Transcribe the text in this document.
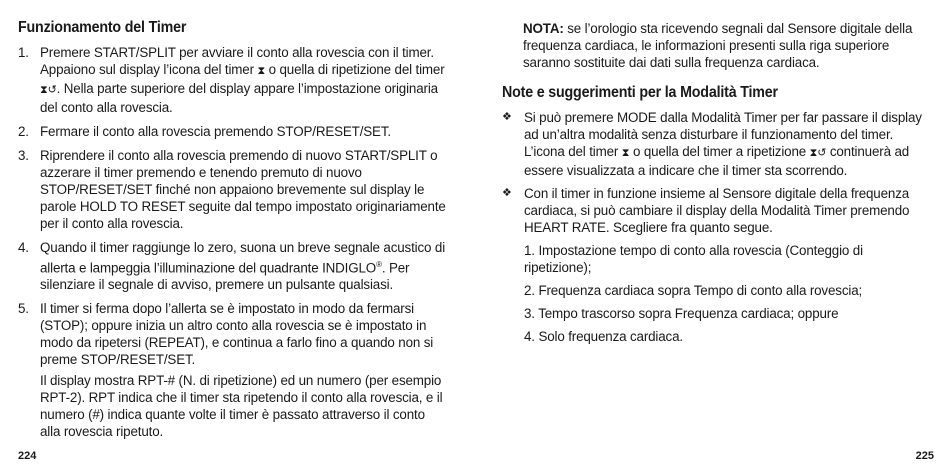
Funzionamento del Timer
1. Premere START/SPLIT per avviare il conto alla rovescia con il timer. Appaiono sul display l’icona del timer ⧗ o quella di ripetizione del timer ⧗↺. Nella parte superiore del display appare l’impostazione originaria del conto alla rovescia.
2. Fermare il conto alla rovescia premendo STOP/RESET/SET.
3. Riprendere il conto alla rovescia premendo di nuovo START/SPLIT o azzerare il timer premendo e tenendo premuto di nuovo STOP/RESET/SET finché non appaiono brevemente sul display le parole HOLD TO RESET seguite dal tempo impostato originariamente per il conto alla rovescia.
4. Quando il timer raggiunge lo zero, suona un breve segnale acustico di allerta e lampeggia l’illuminazione del quadrante INDIGLO®. Per silenziare il segnale di avviso, premere un pulsante qualsiasi.
5. Il timer si ferma dopo l’allerta se è impostato in modo da fermarsi (STOP); oppure inizia un altro conto alla rovescia se è impostato in modo da ripetersi (REPEAT), e continua a farlo fino a quando non si preme STOP/RESET/SET.
Il display mostra RPT-# (N. di ripetizione) ed un numero (per esempio RPT-2). RPT indica che il timer sta ripetendo il conto alla rovescia, e il numero (#) indica quante volte il timer è passato attraverso il conto alla rovescia ripetuto.
224
NOTA: se l’orologio sta ricevendo segnali dal Sensore digitale della frequenza cardiaca, le informazioni presenti sulla riga superiore saranno sostituite dai dati sulla frequenza cardiaca.
Note e suggerimenti per la Modalità Timer
❖ Si può premere MODE dalla Modalità Timer per far passare il display ad un’altra modalità senza disturbare il funzionamento del timer. L’icona del timer ⧗ o quella del timer a ripetizione ⧗↺ continuerà ad essere visualizzata a indicare che il timer sta scorrendo.
❖ Con il timer in funzione insieme al Sensore digitale della frequenza cardiaca, si può cambiare il display della Modalità Timer premendo HEART RATE. Scegliere fra quanto segue.
1. Impostazione tempo di conto alla rovescia (Conteggio di ripetizione);
2. Frequenza cardiaca sopra Tempo di conto alla rovescia;
3. Tempo trascorso sopra Frequenza cardiaca; oppure
4. Solo frequenza cardiaca.
225
